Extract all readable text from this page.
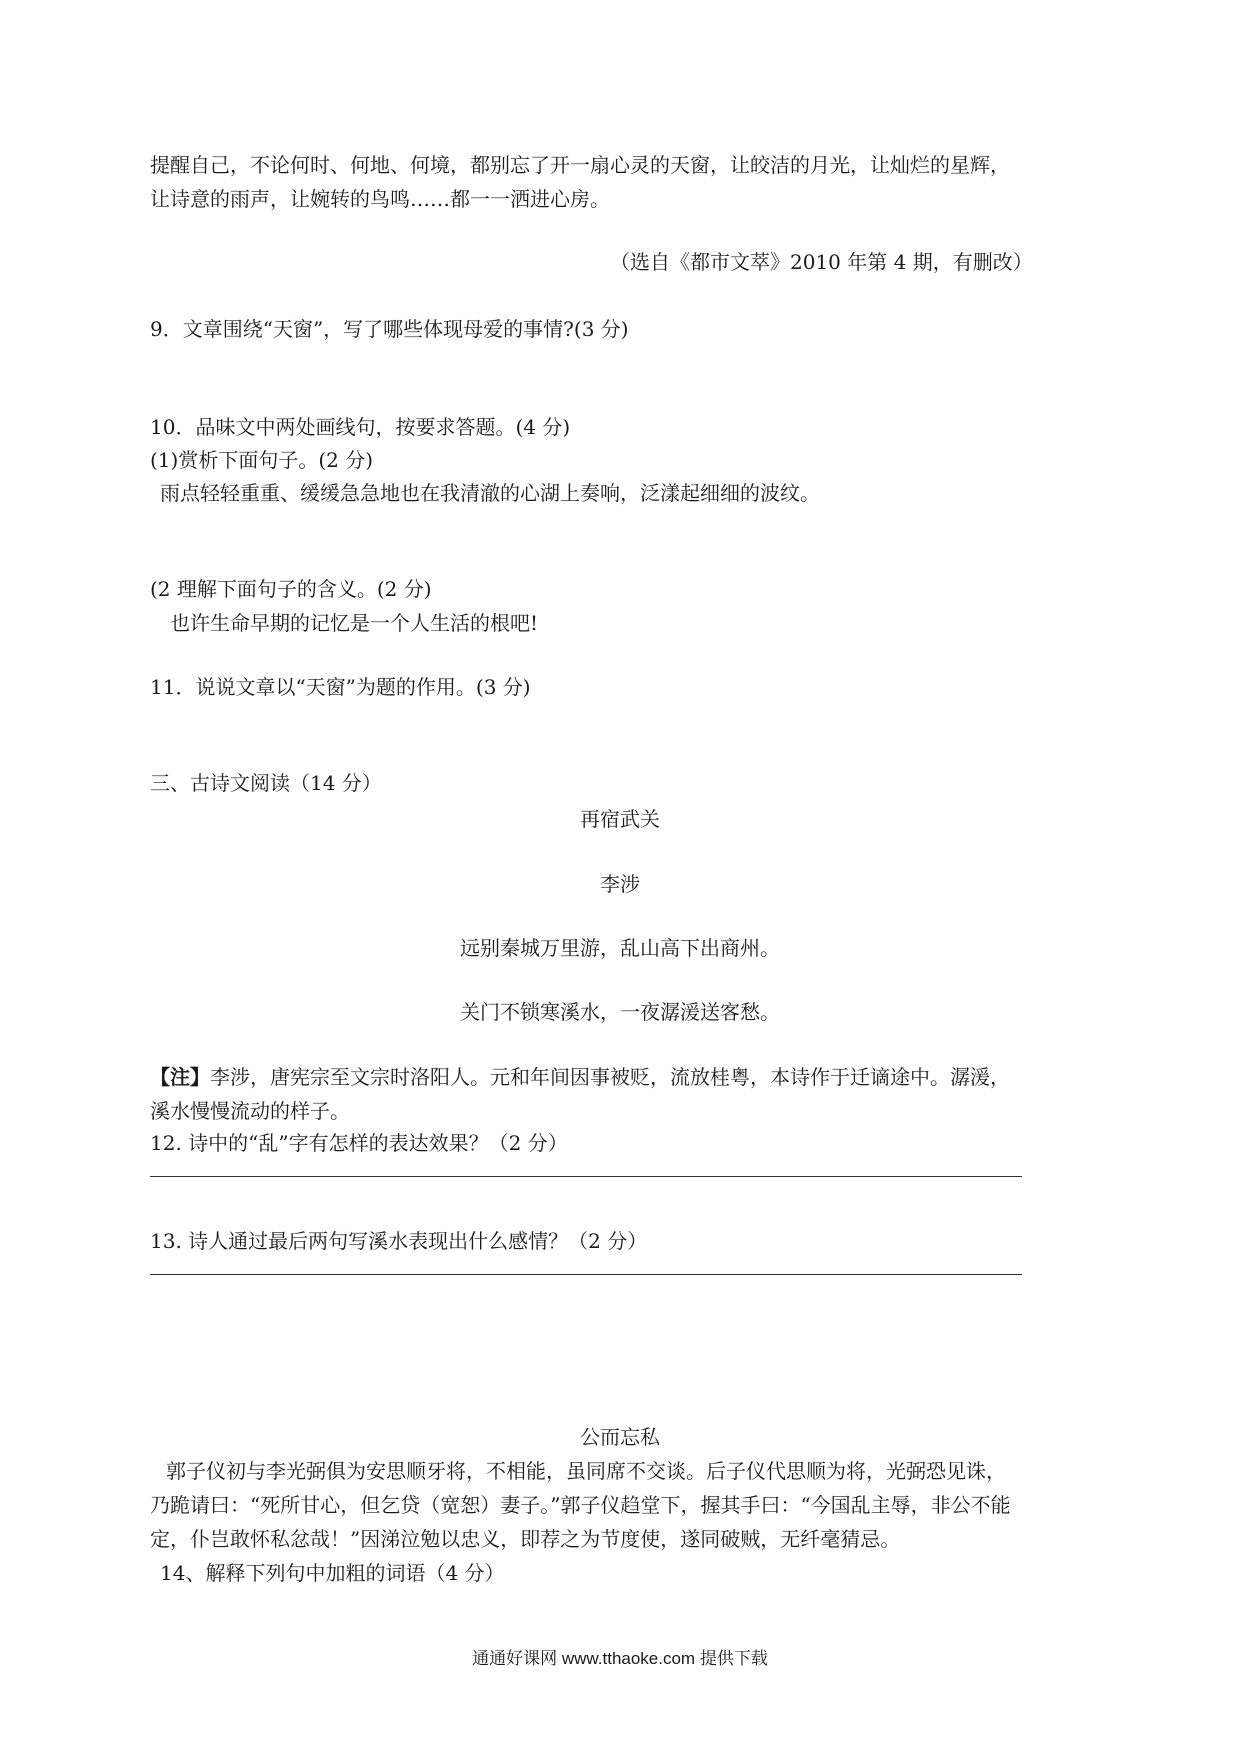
提醒自己，不论何时、何地、何境，都别忘了开一扇心灵的天窗，让皎洁的月光，让灿烂的星辉，
让诗意的雨声，让婉转的鸟鸣……都一一洒进心房。
（选自《都市文萃》2010 年第 4 期，有删改）
9．文章围绕“天窗”，写了哪些体现母爱的事情?(3 分)
10．品味文中两处画线句，按要求答题。(4 分)
(1)赏析下面句子。(2 分)
雨点轻轻重重、缓缓急急地也在我清澈的心湖上奏响，泛漾起细细的波纹。
(2 理解下面句子的含义。(2 分)
也许生命早期的记忆是一个人生活的根吧!
11．说说文章以“天窗”为题的作用。(3 分)
三、古诗文阅读（14 分）
再宿武关
李涉
远别秦城万里游，乱山高下出商州。
关门不锁寒溪水，一夜潺湲送客愁。
【注】李涉，唐宪宗至文宗时洛阳人。元和年间因事被贬，流放桂粤，本诗作于迁谪途中。潺湲，
溪水慢慢流动的样子。
12. 诗中的“乱”字有怎样的表达效果？（2 分）
13. 诗人通过最后两句写溪水表现出什么感情？（2 分）
公而忘私
郭子仪初与李光弼俱为安思顺牙将，不相能，虽同席不交谈。后子仪代思顺为将，光弼恐见诛，
乃跪请曰：“死所甘心，但乞贷（宽恕）妻子。”郭子仪趋堂下，握其手曰：“今国乱主辱，非公不能
定，仆岂敢怀私忿哉！”因涕泣勉以忠义，即荐之为节度使，遂同破贼，无纤毫猜忌。
14、解释下列句中加粗的词语（4 分）
通通好课网 www.tthaoke.com 提供下载
